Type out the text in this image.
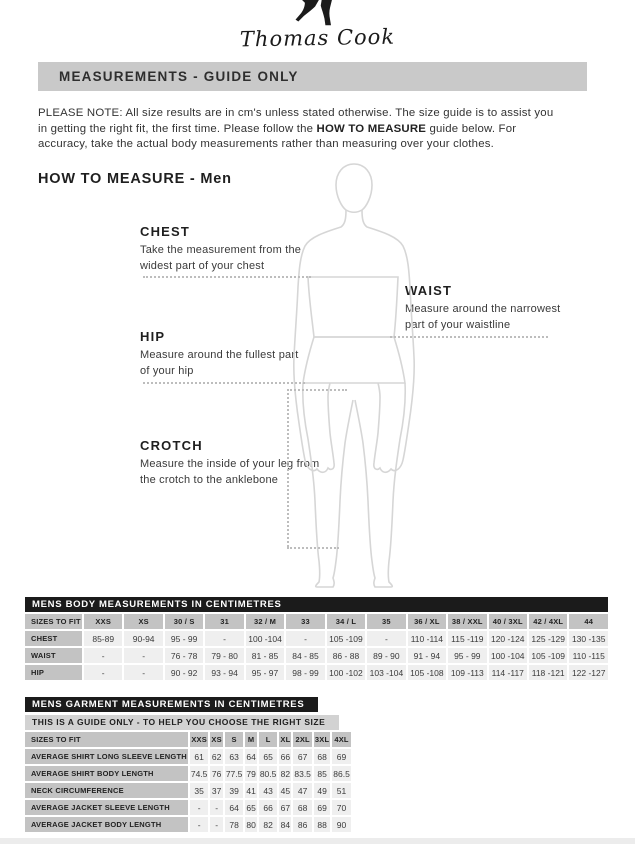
Thomas Cook
MEASUREMENTS - GUIDE ONLY
PLEASE NOTE: All size results are in cm's unless stated otherwise. The size guide is to assist you in getting the right fit, the first time. Please follow the HOW TO MEASURE guide below. For accuracy, take the actual body measurements rather than measuring over your clothes.
HOW TO MEASURE - Men
CHEST
Take the measurement from the widest part of your chest
WAIST
Measure around the narrowest part of your waistline
HIP
Measure around the fullest part of your hip
CROTCH
Measure the inside of your leg from the crotch to the anklebone
MENS BODY MEASUREMENTS IN CENTIMETRES
SIZES TO FIT	XXS	XS	30 / S	31	32 / M	33	34 / L	35	36 / XL	38 / XXL	40 / 3XL	42 / 4XL	44
CHEST	85-89	90-94	95 - 99	-	100 -104	-	105 -109	-	110 -114	115 -119	120 -124	125 -129	130 -135
WAIST	-	-	76 - 78	79 - 80	81 - 85	84 - 85	86 - 88	89 - 90	91 - 94	95 - 99	100 -104	105 -109	110 -115
HIP	-	-	90 - 92	93 - 94	95 - 97	98 - 99	100 -102	103 -104	105 -108	109 -113	114 -117	118 -121	122 -127
MENS GARMENT MEASUREMENTS IN CENTIMETRES
THIS IS A GUIDE ONLY - TO HELP YOU CHOOSE THE RIGHT SIZE
SIZES TO FIT	XXS	XS	S	M	L	XL	2XL	3XL	4XL
AVERAGE SHIRT LONG SLEEVE LENGTH	61	62	63	64	65	66	67	68	69
AVERAGE SHIRT BODY LENGTH	74.5	76	77.5	79	80.5	82	83.5	85	86.5
NECK CIRCUMFERENCE	35	37	39	41	43	45	47	49	51
AVERAGE JACKET SLEEVE LENGTH	-	-	64	65	66	67	68	69	70
AVERAGE JACKET BODY LENGTH	-	-	78	80	82	84	86	88	90
